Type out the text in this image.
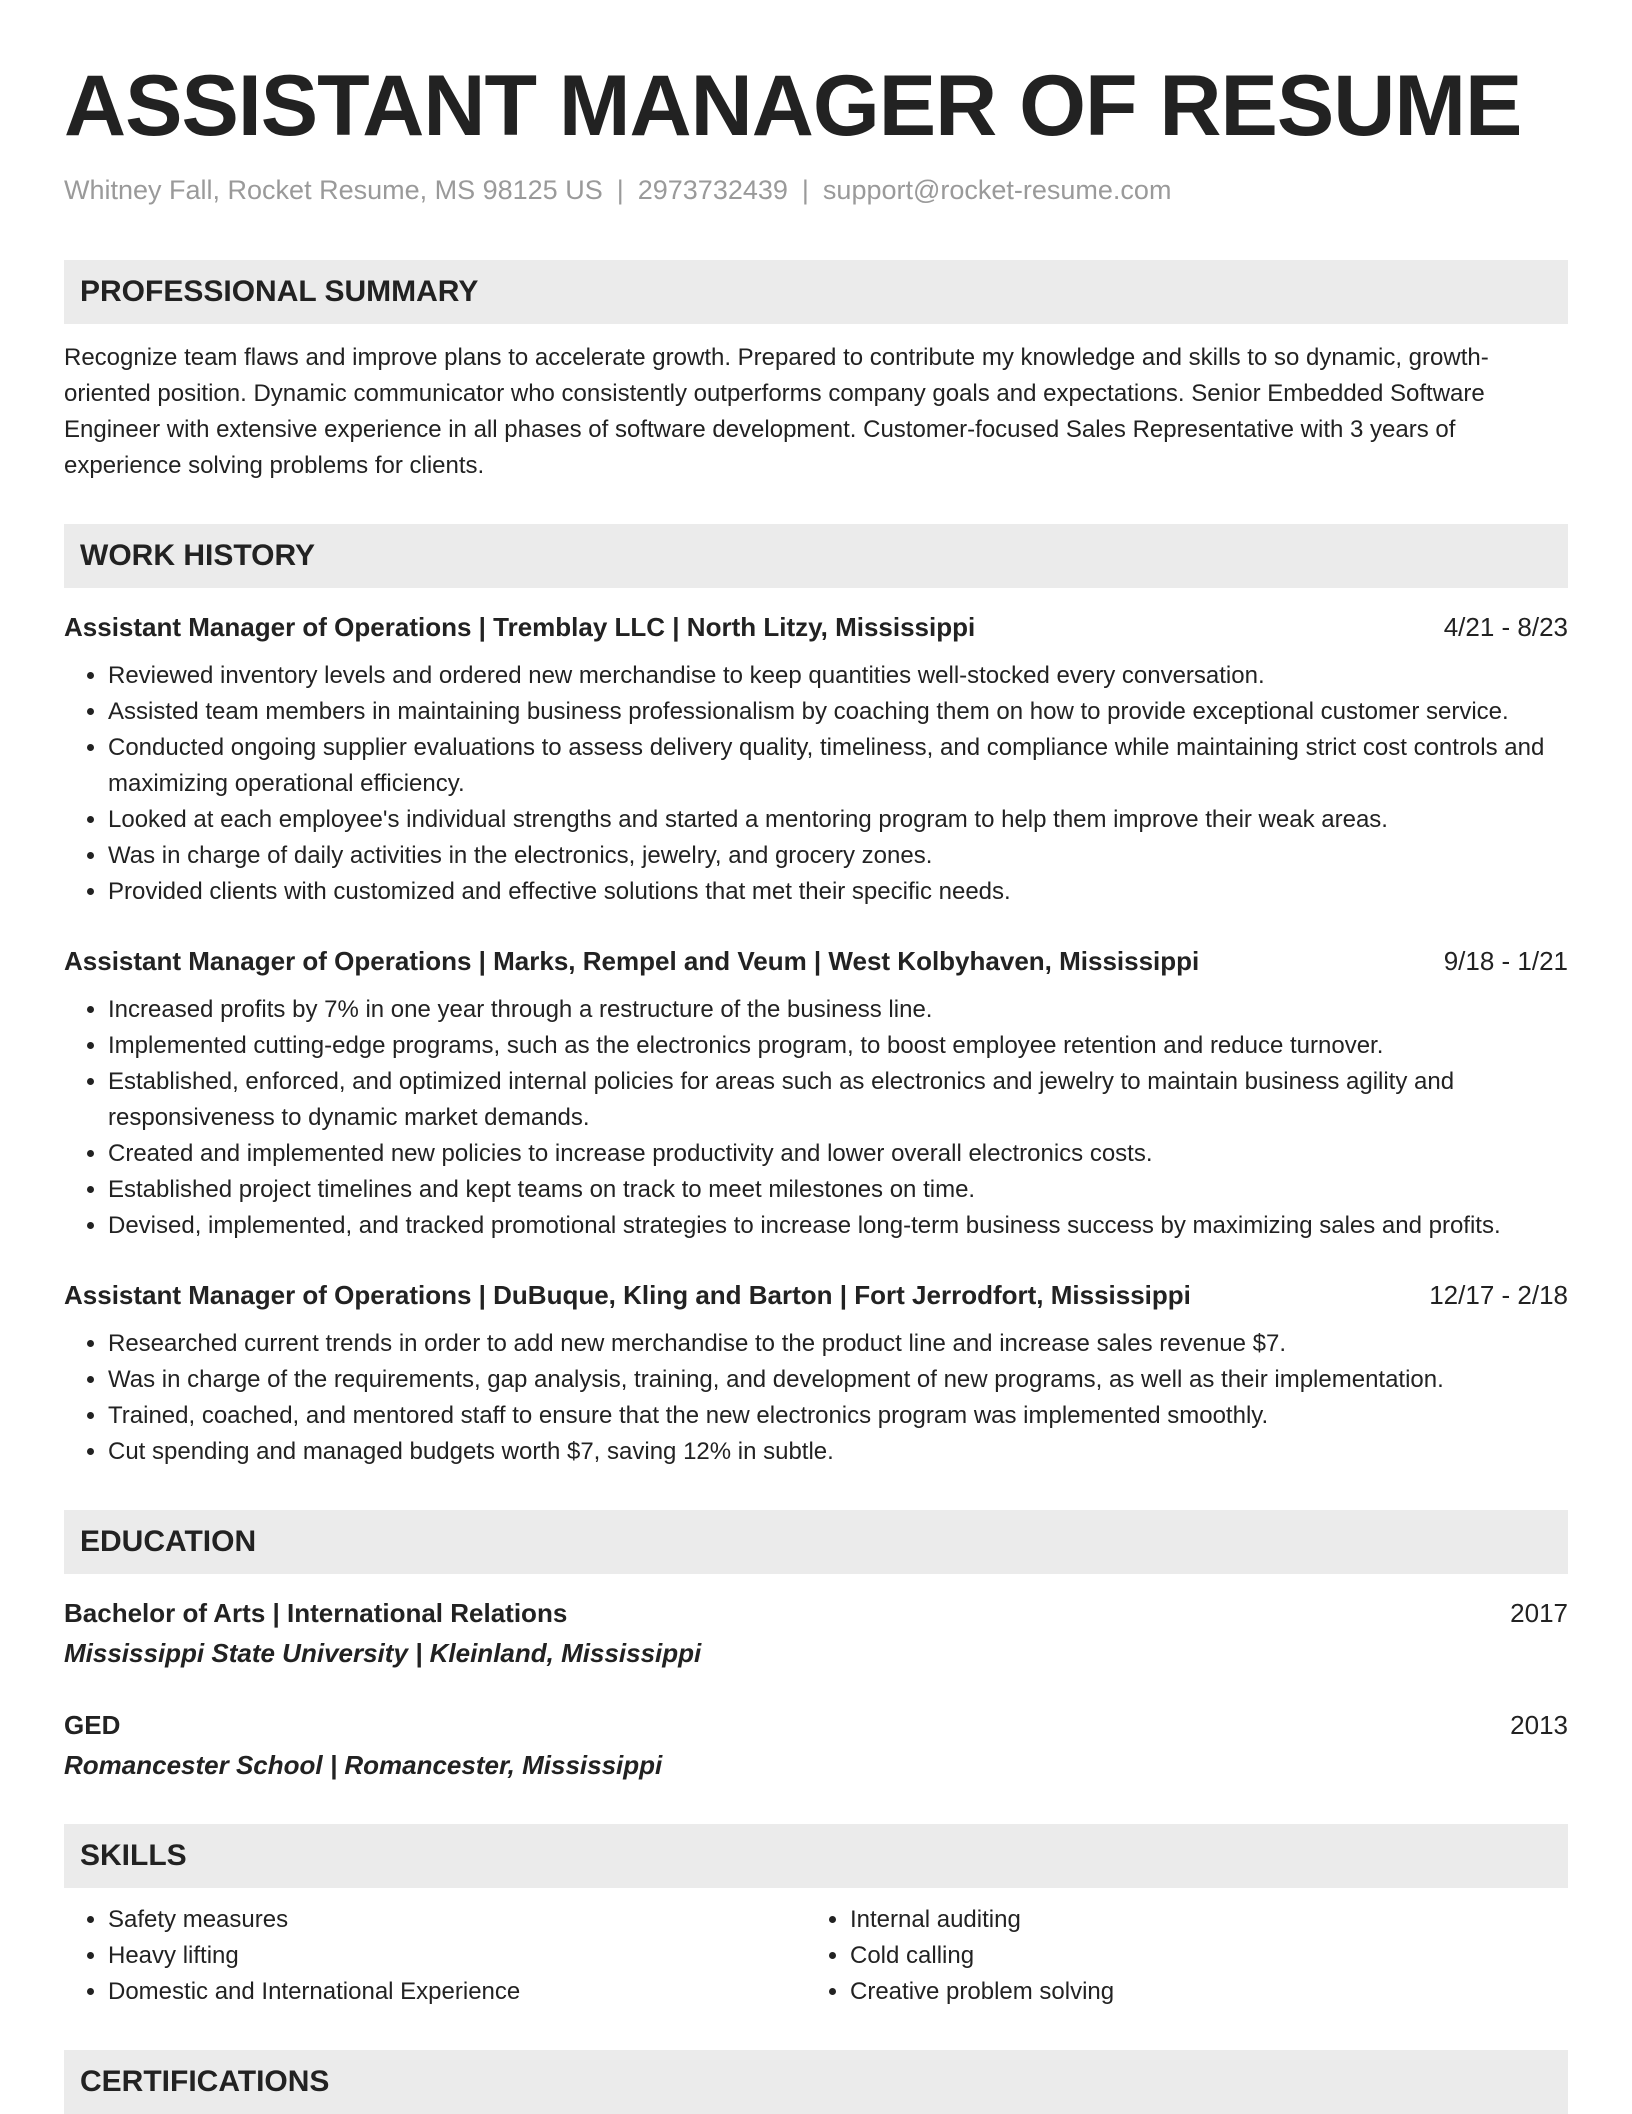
ASSISTANT MANAGER OF RESUME
Whitney Fall, Rocket Resume, MS 98125 US | 2973732439 | support@rocket-resume.com
PROFESSIONAL SUMMARY
Recognize team flaws and improve plans to accelerate growth. Prepared to contribute my knowledge and skills to so dynamic, growth-oriented position. Dynamic communicator who consistently outperforms company goals and expectations. Senior Embedded Software Engineer with extensive experience in all phases of software development. Customer-focused Sales Representative with 3 years of experience solving problems for clients.
WORK HISTORY
Assistant Manager of Operations | Tremblay LLC | North Litzy, Mississippi	4/21 - 8/23
• Reviewed inventory levels and ordered new merchandise to keep quantities well-stocked every conversation.
• Assisted team members in maintaining business professionalism by coaching them on how to provide exceptional customer service.
• Conducted ongoing supplier evaluations to assess delivery quality, timeliness, and compliance while maintaining strict cost controls and maximizing operational efficiency.
• Looked at each employee's individual strengths and started a mentoring program to help them improve their weak areas.
• Was in charge of daily activities in the electronics, jewelry, and grocery zones.
• Provided clients with customized and effective solutions that met their specific needs.
Assistant Manager of Operations | Marks, Rempel and Veum | West Kolbyhaven, Mississippi	9/18 - 1/21
• Increased profits by 7% in one year through a restructure of the business line.
• Implemented cutting-edge programs, such as the electronics program, to boost employee retention and reduce turnover.
• Established, enforced, and optimized internal policies for areas such as electronics and jewelry to maintain business agility and responsiveness to dynamic market demands.
• Created and implemented new policies to increase productivity and lower overall electronics costs.
• Established project timelines and kept teams on track to meet milestones on time.
• Devised, implemented, and tracked promotional strategies to increase long-term business success by maximizing sales and profits.
Assistant Manager of Operations | DuBuque, Kling and Barton | Fort Jerrodfort, Mississippi	12/17 - 2/18
• Researched current trends in order to add new merchandise to the product line and increase sales revenue $7.
• Was in charge of the requirements, gap analysis, training, and development of new programs, as well as their implementation.
• Trained, coached, and mentored staff to ensure that the new electronics program was implemented smoothly.
• Cut spending and managed budgets worth $7, saving 12% in subtle.
EDUCATION
Bachelor of Arts | International Relations	2017
Mississippi State University | Kleinland, Mississippi
GED	2013
Romancester School | Romancester, Mississippi
SKILLS
• Safety measures
• Heavy lifting
• Domestic and International Experience
• Internal auditing
• Cold calling
• Creative problem solving
CERTIFICATIONS
